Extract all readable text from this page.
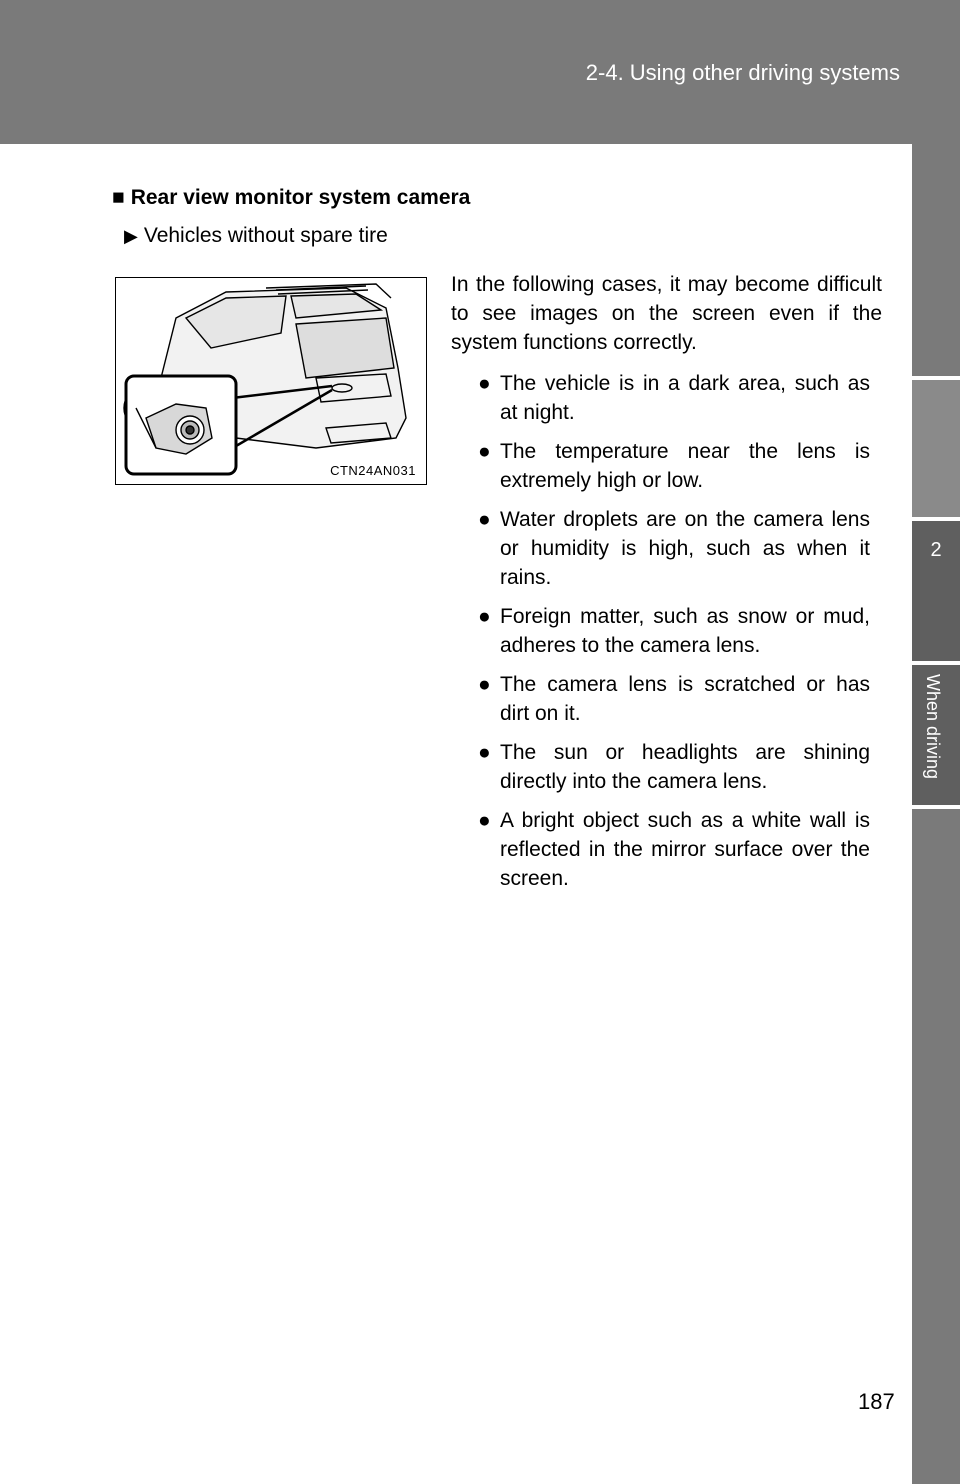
2-4. Using other driving systems
2
When driving
■ Rear view monitor system camera
▶ Vehicles without spare tire
CTN24AN031
In the following cases, it may become difficult to see images on the screen even if the system functions correctly.
● The vehicle is in a dark area, such as at night.
● The temperature near the lens is extremely high or low.
● Water droplets are on the camera lens or humidity is high, such as when it rains.
● Foreign matter, such as snow or mud, adheres to the camera lens.
● The camera lens is scratched or has dirt on it.
● The sun or headlights are shining directly into the camera lens.
● A bright object such as a white wall is reflected in the mirror surface over the screen.
187
